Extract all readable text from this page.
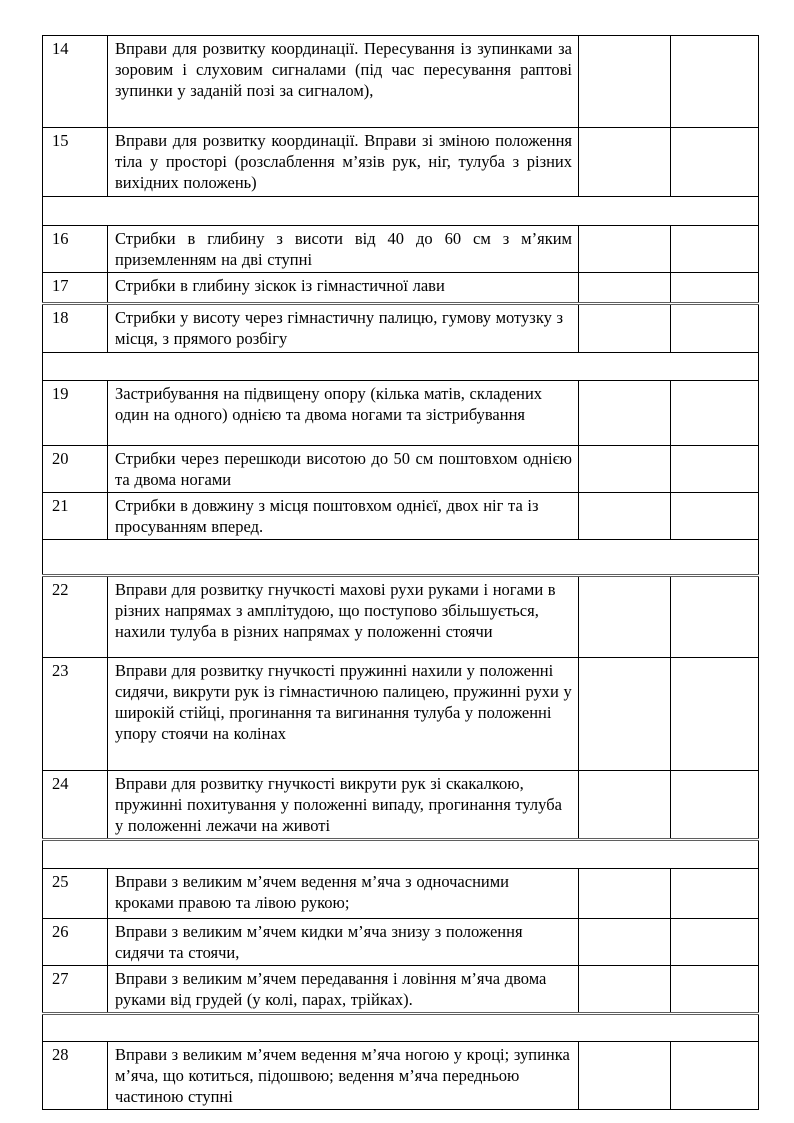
14	Вправи для розвитку координації. Пересування із зупинками за зоровим і слуховим сигналами (під час пересування раптові зупинки у заданій позі за сигналом),		
15	Вправи для розвитку координації. Вправи зі зміною положення тіла у просторі (розслаблення м’язів рук, ніг, тулуба з різних вихідних положень)		

16	Стрибки в глибину з висоти від 40 до 60 см з м’яким приземленням на дві ступні		
17	Стрибки в глибину зіскок із гімнастичної лави		
18	Стрибки у висоту через гімнастичну палицю, гумову мотузку з місця, з прямого розбігу		

19	Застрибування на підвищену опору (кілька матів, складених один на одного) однією та двома ногами та зістрибування		
20	Стрибки через перешкоди висотою до 50 см поштовхом однією та двома ногами		
21	Стрибки в довжину з місця поштовхом однієї, двох ніг та із просуванням вперед.		

22	Вправи для розвитку гнучкості махові рухи руками і ногами в різних напрямах з амплітудою, що поступово збільшується, нахили тулуба в різних напрямах у положенні стоячи		
23	Вправи для розвитку гнучкості пружинні нахили у положенні сидячи, викрути рук із гімнастичною палицею, пружинні рухи у широкій стійці, прогинання та вигинання тулуба у положенні упору стоячи на колінах		
24	Вправи для розвитку гнучкості викрути рук зі скакалкою, пружинні похитування у положенні випаду, прогинання тулуба у положенні лежачи на животі		

25	Вправи з великим м’ячем ведення м’яча з одночасними кроками правою та лівою рукою;		
26	Вправи з великим м’ячем кидки м’яча знизу з положення сидячи та стоячи,		
27	Вправи з великим м’ячем передавання і ловіння м’яча двома руками від грудей (у колі, парах, трійках).		

28	Вправи з великим м’ячем ведення м’яча ногою у кроці; зупинка м’яча, що котиться, підошвою; ведення м’яча передньою частиною ступні		
